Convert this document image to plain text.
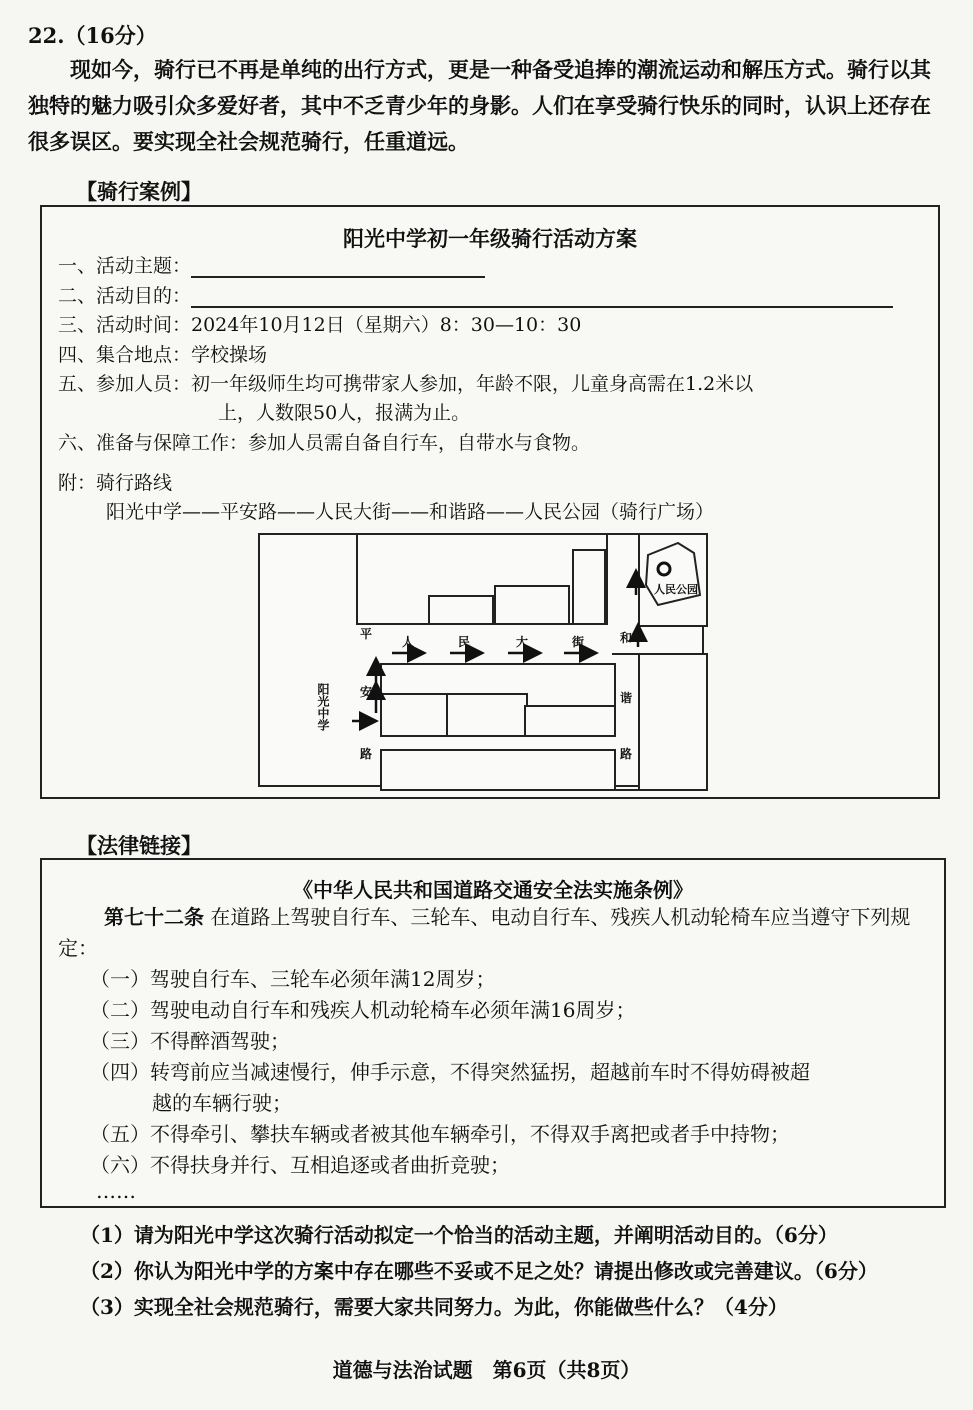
22.（16分）
现如今，骑行已不再是单纯的出行方式，更是一种备受追捧的潮流运动和解压方式。骑行以其独特的魅力吸引众多爱好者，其中不乏青少年的身影。人们在享受骑行快乐的同时，认识上还存在很多误区。要实现全社会规范骑行，任重道远。
【骑行案例】
阳光中学初一年级骑行活动方案
一、活动主题：
二、活动目的：
三、活动时间：2024年10月12日（星期六）8：30—10：30
四、集合地点：学校操场
五、参加人员：初一年级师生均可携带家人参加，年龄不限，儿童身高需在1.2米以
上，人数限50人，报满为止。
六、准备与保障工作：参加人员需自备自行车，自带水与食物。
附：骑行路线
阳光中学——平安路——人民大街——和谐路——人民公园（骑行广场）
阳光中学
人民公园
平
安
路
人	民	大	街	和
谐
路
【法律链接】
《中华人民共和国道路交通安全法实施条例》
第七十二条 在道路上驾驶自行车、三轮车、电动自行车、残疾人机动轮椅车应当遵守下列规定：
（一）驾驶自行车、三轮车必须年满12周岁；
（二）驾驶电动自行车和残疾人机动轮椅车必须年满16周岁；
（三）不得醉酒驾驶；
（四）转弯前应当减速慢行，伸手示意，不得突然猛拐，超越前车时不得妨碍被超
越的车辆行驶；
（五）不得牵引、攀扶车辆或者被其他车辆牵引，不得双手离把或者手中持物；
（六）不得扶身并行、互相追逐或者曲折竞驶；
……
（1）请为阳光中学这次骑行活动拟定一个恰当的活动主题，并阐明活动目的。（6分）
（2）你认为阳光中学的方案中存在哪些不妥或不足之处？请提出修改或完善建议。（6分）
（3）实现全社会规范骑行，需要大家共同努力。为此，你能做些什么？（4分）
道德与法治试题　第6页（共8页）
